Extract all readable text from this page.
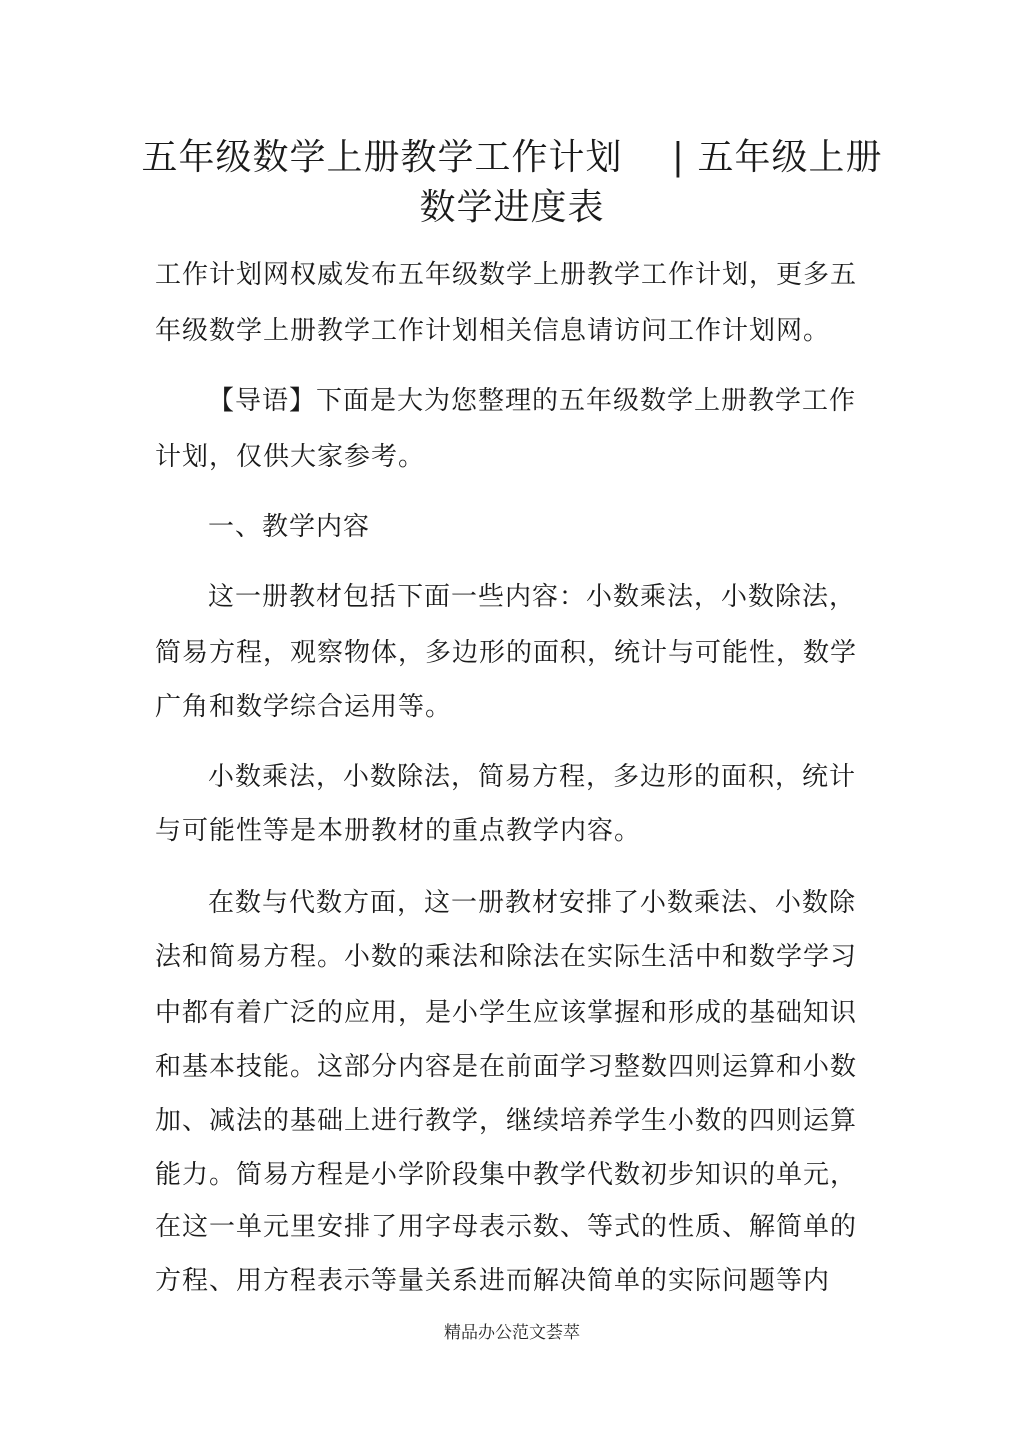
五年级数学上册教学工作计划　 | 五年级上册
数学进度表

工作计划网权威发布五年级数学上册教学工作计划，更多五

年级数学上册教学工作计划相关信息请访问工作计划网。

【导语】下面是大为您整理的五年级数学上册教学工作

计划，仅供大家参考。

一、教学内容

这一册教材包括下面一些内容：小数乘法，小数除法，

简易方程，观察物体，多边形的面积，统计与可能性，数学

广角和数学综合运用等。

小数乘法，小数除法，简易方程，多边形的面积，统计

与可能性等是本册教材的重点教学内容。

在数与代数方面，这一册教材安排了小数乘法、小数除

法和简易方程。小数的乘法和除法在实际生活中和数学学习

中都有着广泛的应用，是小学生应该掌握和形成的基础知识

和基本技能。这部分内容是在前面学习整数四则运算和小数

加、减法的基础上进行教学，继续培养学生小数的四则运算

能力。简易方程是小学阶段集中教学代数初步知识的单元，

在这一单元里安排了用字母表示数、等式的性质、解简单的

方程、用方程表示等量关系进而解决简单的实际问题等内

精品办公范文荟萃
